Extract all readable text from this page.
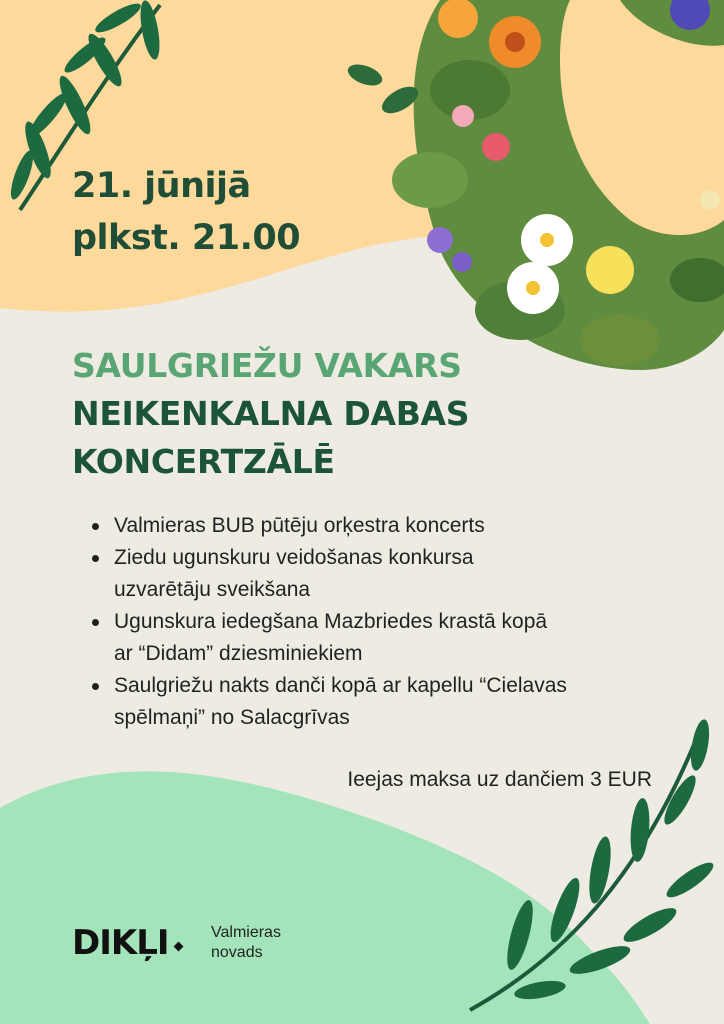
21. jūnijā
plkst. 21.00
SAULGRIEŽU VAKARS
NEIKENKALNA DABAS
KONCERTZĀLĒ
Valmieras BUB pūtēju orķestra koncerts
Ziedu ugunskuru veidošanas konkursa
uzvarētāju sveikšana
Ugunskura iedegšana Mazbriedes krastā kopā
ar “Didam” dziesminiekiem
Saulgriežu nakts danči kopā ar kapellu “Cielavas
spēlmaņi” no Salacgrīvas
Ieejas maksa uz dančiem 3 EUR
DIKĻI	Valmieras
novads
